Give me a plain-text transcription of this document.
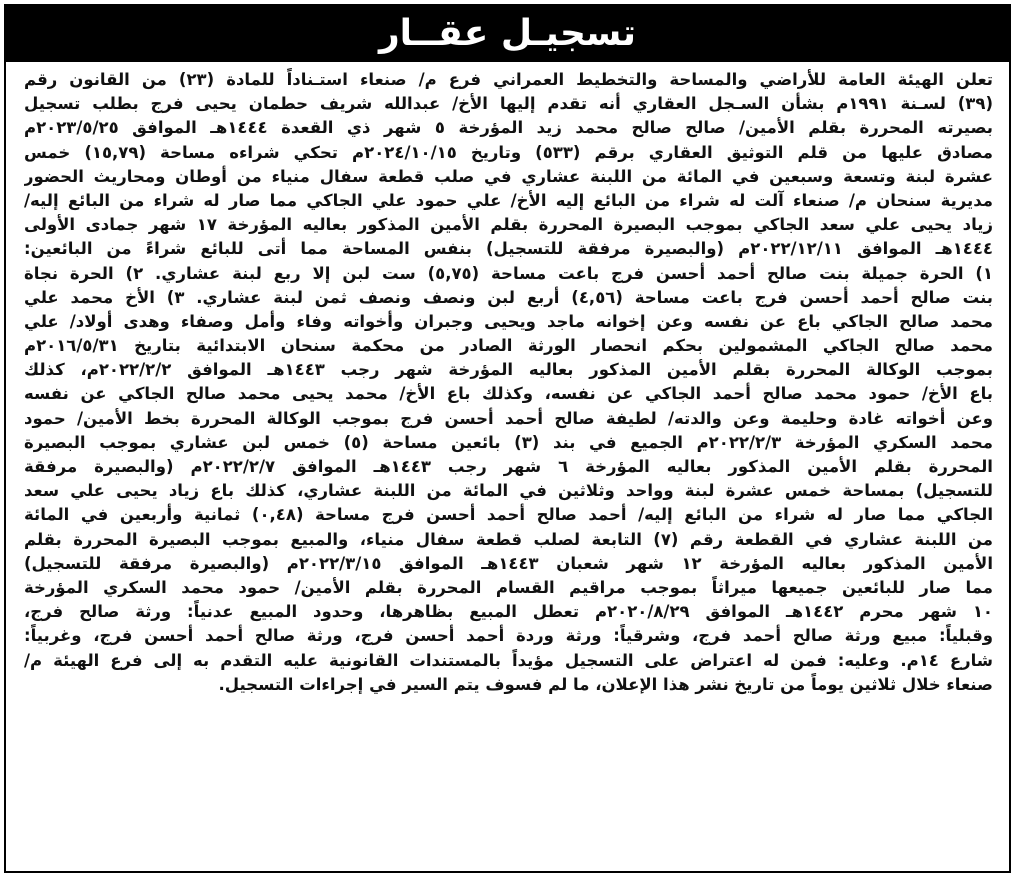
تسجيـل عقــار
تعلن الهيئة العامة للأراضي والمساحة والتخطيط العمراني فرع م/ صنعاء استـناداً للمادة (٢٣) من القانون رقم
(٣٩) لسـنة ١٩٩١م بشأن السـجل العقاري أنه تقدم إليها الأخ/ عبدالله شريف حطمان يحيى فرج بطلب تسجيل
بصيرته المحررة بقلم الأمين/ صالح صالح محمد زيد المؤرخة ٥ شهر ذي القعدة ١٤٤٤هـ الموافق ٢٠٢٣/٥/٢٥م
مصادق عليها من قلم التوثيق العقاري برقم (٥٣٣) وتاريخ ٢٠٢٤/١٠/١٥م تحكي شراءه مساحة (١٥,٧٩) خمس
عشرة لبنة وتسعة وسبعين في المائة من اللبنة عشاري في صلب قطعة سفال منياء من أوطان ومحاريث الحضور
مديرية سنحان م/ صنعاء آلت له شراء من البائع إليه الأخ/ علي حمود علي الجاكي مما صار له شراء من البائع إليه/
زياد يحيى علي سعد الجاكي بموجب البصيرة المحررة بقلم الأمين المذكور بعاليه المؤرخة ١٧ شهر جمادى الأولى
١٤٤٤هـ الموافق ٢٠٢٢/١٢/١١م (والبصيرة مرفقة للتسجيل) بنفس المساحة مما أتى للبائع شراءً من البائعين:
١) الحرة جميلة بنت صالح أحمد أحسن فرج باعت مساحة (٥,٧٥) ست لبن إلا ربع لبنة عشاري. ٢) الحرة نجاة
بنت صالح أحمد أحسن فرج باعت مساحة (٤,٥٦) أربع لبن ونصف ونصف ثمن لبنة عشاري. ٣) الأخ محمد علي
محمد صالح الجاكي باع عن نفسه وعن إخوانه ماجد ويحيى وجبران وأخواته وفاء وأمل وصفاء وهدى أولاد/ علي
محمد صالح الجاكي المشمولين بحكم انحصار الورثة الصادر من محكمة سنحان الابتدائية بتاريخ ٢٠١٦/٥/٣١م
بموجب الوكالة المحررة بقلم الأمين المذكور بعاليه المؤرخة شهر رجب ١٤٤٣هـ الموافق ٢٠٢٢/٢/٢م، كذلك
باع الأخ/ حمود محمد صالح أحمد الجاكي عن نفسه، وكذلك باع الأخ/ محمد يحيى محمد صالح الجاكي عن نفسه
وعن أخواته غادة وحليمة وعن والدته/ لطيفة صالح أحمد أحسن فرج بموجب الوكالة المحررة بخط الأمين/ حمود
محمد السكري المؤرخة ٢٠٢٢/٢/٣م الجميع في بند (٣) بائعين مساحة (٥) خمس لبن عشاري بموجب البصيرة
المحررة بقلم الأمين المذكور بعاليه المؤرخة ٦ شهر رجب ١٤٤٣هـ الموافق ٢٠٢٢/٢/٧م (والبصيرة مرفقة
للتسجيل) بمساحة خمس عشرة لبنة وواحد وثلاثين في المائة من اللبنة عشاري، كذلك باع زياد يحيى علي سعد
الجاكي مما صار له شراء من البائع إليه/ أحمد صالح أحمد أحسن فرج مساحة (٠,٤٨) ثمانية وأربعين في المائة
من اللبنة عشاري في القطعة رقم (٧) التابعة لصلب قطعة سفال منياء، والمبيع بموجب البصيرة المحررة بقلم
الأمين المذكور بعاليه المؤرخة ١٢ شهر شعبان ١٤٤٣هـ الموافق ٢٠٢٢/٣/١٥م (والبصيرة مرفقة للتسجيل)
مما صار للبائعين جميعها ميراثاً بموجب مراقيم القسام المحررة بقلم الأمين/ حمود محمد السكري المؤرخة
١٠ شهر محرم ١٤٤٢هـ الموافق ٢٠٢٠/٨/٢٩م تعطل المبيع بظاهرها، وحدود المبيع عدنياً: ورثة صالح فرج،
وقبلياً: مبيع ورثة صالح أحمد فرج، وشرقياً: ورثة وردة أحمد أحسن فرج، ورثة صالح أحمد أحسن فرج، وغربياً:
شارع ١٤م. وعليه: فمن له اعتراض على التسجيل مؤيداً بالمستندات القانونية عليه التقدم به إلى فرع الهيئة م/
صنعاء خلال ثلاثين يوماً من تاريخ نشر هذا الإعلان، ما لم فسوف يتم السير في إجراءات التسجيل.
